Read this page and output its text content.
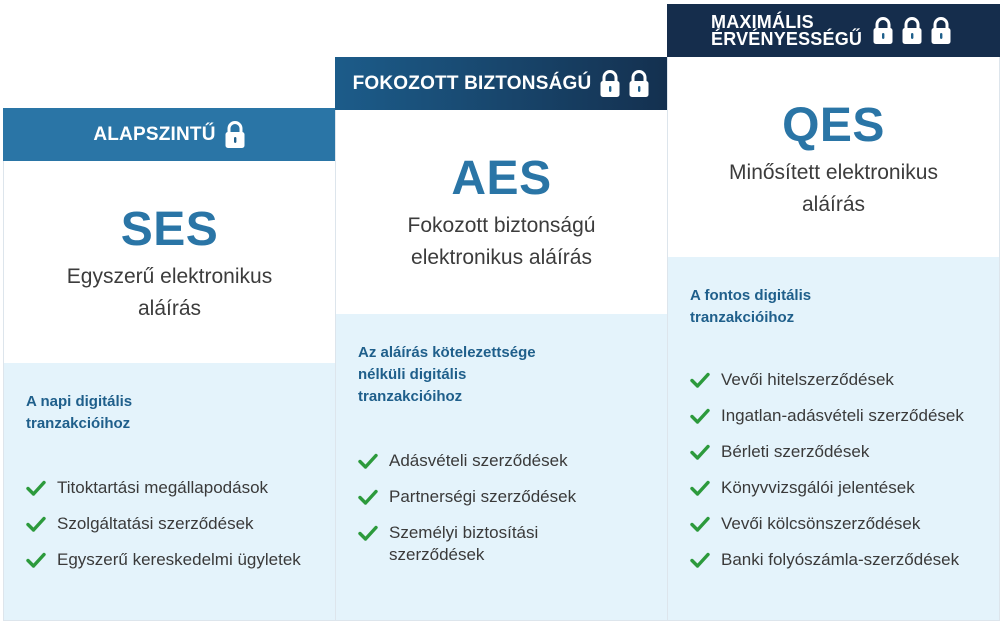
ALAPSZINTŰ
SES
Egyszerű elektronikus
aláírás
A napi digitális
tranzakcióihoz
Titoktartási megállapodások
Szolgáltatási szerződések
Egyszerű kereskedelmi ügyletek
FOKOZOTT BIZTONSÁGÚ
AES
Fokozott biztonságú
elektronikus aláírás
Az aláírás kötelezettsége
nélküli digitális
tranzakcióihoz
Adásvételi szerződések
Partnerségi szerződések
Személyi biztosítási
szerződések
MAXIMÁLIS
ÉRVÉNYESSÉGŰ
QES
Minősített elektronikus
aláírás
A fontos digitális
tranzakcióihoz
Vevői hitelszerződések
Ingatlan-adásvételi szerződések
Bérleti szerződések
Könyvvizsgálói jelentések
Vevői kölcsönszerződések
Banki folyószámla-szerződések
